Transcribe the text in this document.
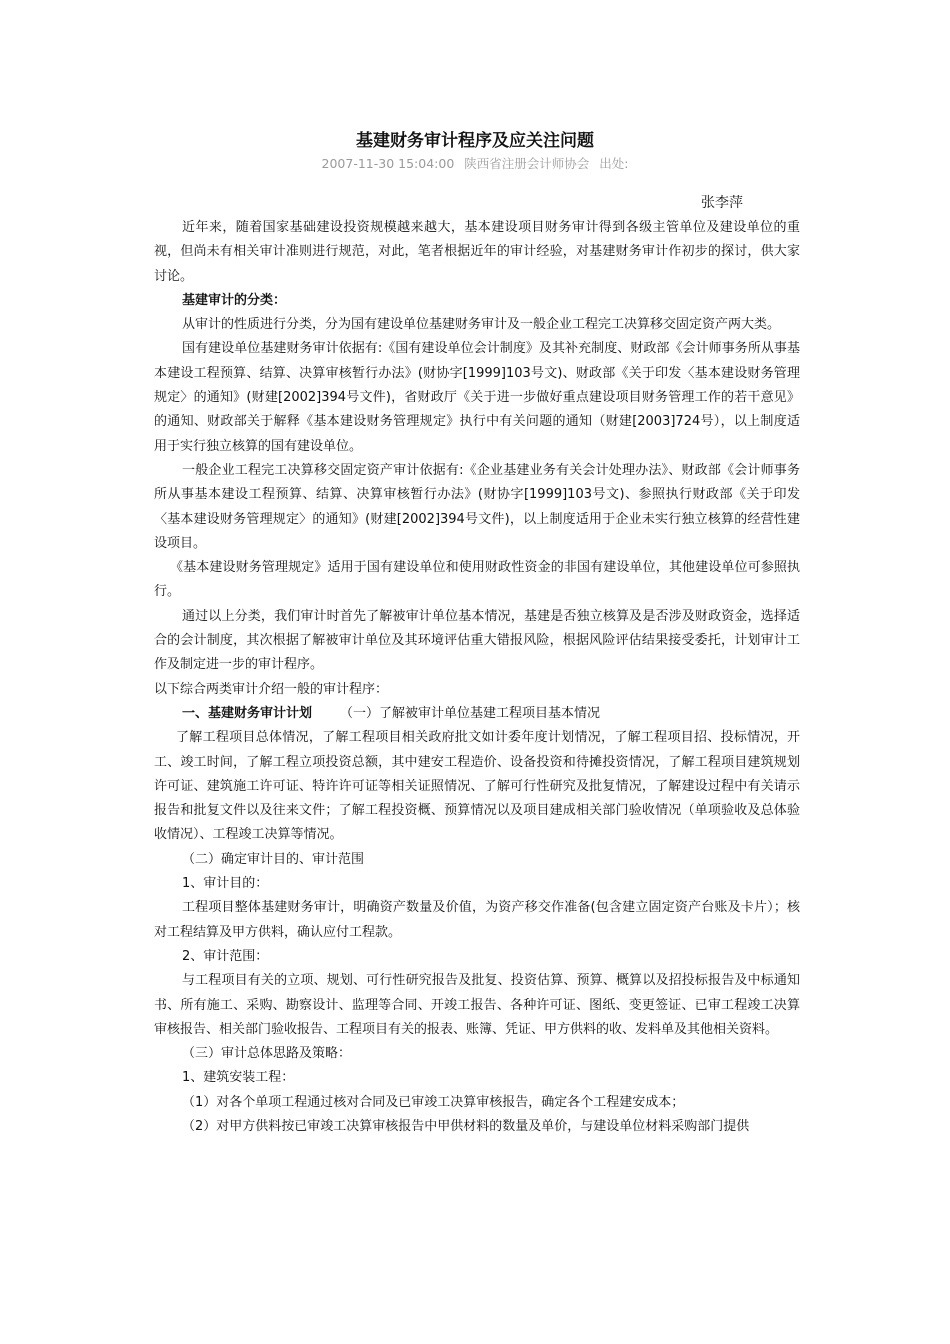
基建财务审计程序及应关注问题
2007-11-30 15:04:00 陕西省注册会计师协会 出处:
张李萍

近年来，随着国家基础建设投资规模越来越大，基本建设项目财务审计得到各级主管单位及建设单位的重视，但尚未有相关审计准则进行规范，对此，笔者根据近年的审计经验，对基建财务审计作初步的探讨，供大家讨论。

基建审计的分类：

从审计的性质进行分类，分为国有建设单位基建财务审计及一般企业工程完工决算移交固定资产两大类。

国有建设单位基建财务审计依据有:《国有建设单位会计制度》及其补充制度、财政部《会计师事务所从事基本建设工程预算、结算、决算审核暂行办法》(财协字[1999]103号文)、财政部《关于印发〈基本建设财务管理规定〉的通知》(财建[2002]394号文件)，省财政厅《关于进一步做好重点建设项目财务管理工作的若干意见》的通知、财政部关于解释《基本建设财务管理规定》执行中有关问题的通知（财建[2003]724号），以上制度适用于实行独立核算的国有建设单位。

一般企业工程完工决算移交固定资产审计依据有:《企业基建业务有关会计处理办法》、财政部《会计师事务所从事基本建设工程预算、结算、决算审核暂行办法》(财协字[1999]103号文)、参照执行财政部《关于印发〈基本建设财务管理规定〉的通知》(财建[2002]394号文件)，以上制度适用于企业未实行独立核算的经营性建设项目。

《基本建设财务管理规定》适用于国有建设单位和使用财政性资金的非国有建设单位，其他建设单位可参照执行。

通过以上分类，我们审计时首先了解被审计单位基本情况，基建是否独立核算及是否涉及财政资金，选择适合的会计制度，其次根据了解被审计单位及其环境评估重大错报风险，根据风险评估结果接受委托，计划审计工作及制定进一步的审计程序。

以下综合两类审计介绍一般的审计程序：

一、基建财务审计计划 （一）了解被审计单位基建工程项目基本情况

了解工程项目总体情况，了解工程项目相关政府批文如计委年度计划情况，了解工程项目招、投标情况，开工、竣工时间，了解工程立项投资总额，其中建安工程造价、设备投资和待摊投资情况，了解工程项目建筑规划许可证、建筑施工许可证、特许许可证等相关证照情况、了解可行性研究及批复情况，了解建设过程中有关请示报告和批复文件以及往来文件；了解工程投资概、预算情况以及项目建成相关部门验收情况（单项验收及总体验收情况）、工程竣工决算等情况。

（二）确定审计目的、审计范围

1、审计目的：

工程项目整体基建财务审计，明确资产数量及价值，为资产移交作准备(包含建立固定资产台账及卡片）；核对工程结算及甲方供料，确认应付工程款。

2、审计范围：

与工程项目有关的立项、规划、可行性研究报告及批复、投资估算、预算、概算以及招投标报告及中标通知书、所有施工、采购、勘察设计、监理等合同、开竣工报告、各种许可证、图纸、变更签证、已审工程竣工决算审核报告、相关部门验收报告、工程项目有关的报表、账簿、凭证、甲方供料的收、发料单及其他相关资料。

（三）审计总体思路及策略：

1、建筑安装工程：

（1）对各个单项工程通过核对合同及已审竣工决算审核报告，确定各个工程建安成本；

（2）对甲方供料按已审竣工决算审核报告中甲供材料的数量及单价，与建设单位材料采购部门提供
